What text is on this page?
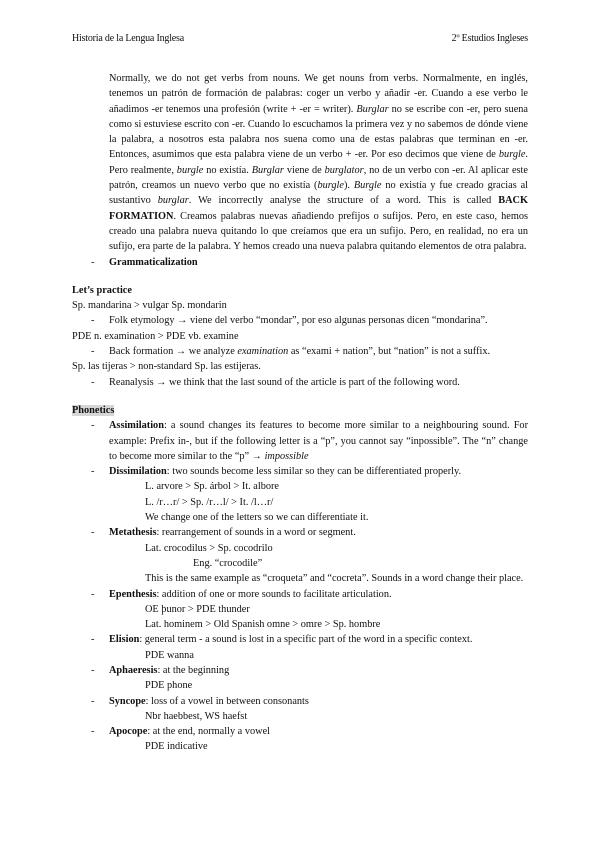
Historia de la Lengua Inglesa	2º Estudios Ingleses

Normally, we do not get verbs from nouns. We get nouns from verbs. Normalmente, en inglés, tenemos un patrón de formación de palabras: coger un verbo y añadir -er. Cuando a ese verbo le añadimos -er tenemos una profesión (write + -er = writer). Burglar no se escribe con -er, pero suena como si estuviese escrito con -er. Cuando lo escuchamos la primera vez y no sabemos de dónde viene la palabra, a nosotros esta palabra nos suena como una de estas palabras que terminan en -er. Entonces, asumimos que esta palabra viene de un verbo + -er. Por eso decimos que viene de burgle. Pero realmente, burgle no existía. Burglar viene de burglator, no de un verbo con -er. Al aplicar este patrón, creamos un nuevo verbo que no existía (burgle). Burgle no existía y fue creado gracias al sustantivo burglar. We incorrectly analyse the structure of a word. This is called BACK FORMATION. Creamos palabras nuevas añadiendo prefijos o sufijos. Pero, en este caso, hemos creado una palabra nueva quitando lo que creíamos que era un sufijo. Pero, en realidad, no era un sufijo, era parte de la palabra. Y hemos creado una nueva palabra quitando elementos de otra palabra.

- Grammaticalization

Let’s practice

Sp. mandarina > vulgar Sp. mondarin

- Folk etymology → viene del verbo “mondar”, por eso algunas personas dicen “mondarina”.

PDE n. examination > PDE vb. examine

- Back formation → we analyze examination as “exami + nation”, but “nation” is not a suffix.

Sp. las tijeras > non-standard Sp. las estijeras.

- Reanalysis → we think that the last sound of the article is part of the following word.

Phonetics

- Assimilation: a sound changes its features to become more similar to a neighbouring sound. For example: Prefix in-, but if the following letter is a “p”, you cannot say “inpossible”. The “n” change to become more similar to the “p” → impossible

- Dissimilation: two sounds become less similar so they can be differentiated properly.

L. arvore > Sp. árbol > It. albore

L. /r…r/ > Sp. /r…l/ > It. /l…r/

We change one of the letters so we can differentiate it.

- Metathesis: rearrangement of sounds in a word or segment.

Lat. crocodilus > Sp. cocodrilo

Eng. “crocodile”

This is the same example as “croqueta” and “cocreta”. Sounds in a word change their place.

- Epenthesis: addition of one or more sounds to facilitate articulation.

OE þunor > PDE thunder

Lat. hominem > Old Spanish omne > omre > Sp. hombre

- Elision: general term - a sound is lost in a specific part of the word in a specific context.

PDE wanna

- Aphaeresis: at the beginning

PDE phone

- Syncope: loss of a vowel in between consonants

Nbr haebbest, WS haefst

- Apocope: at the end, normally a vowel

PDE indicative
